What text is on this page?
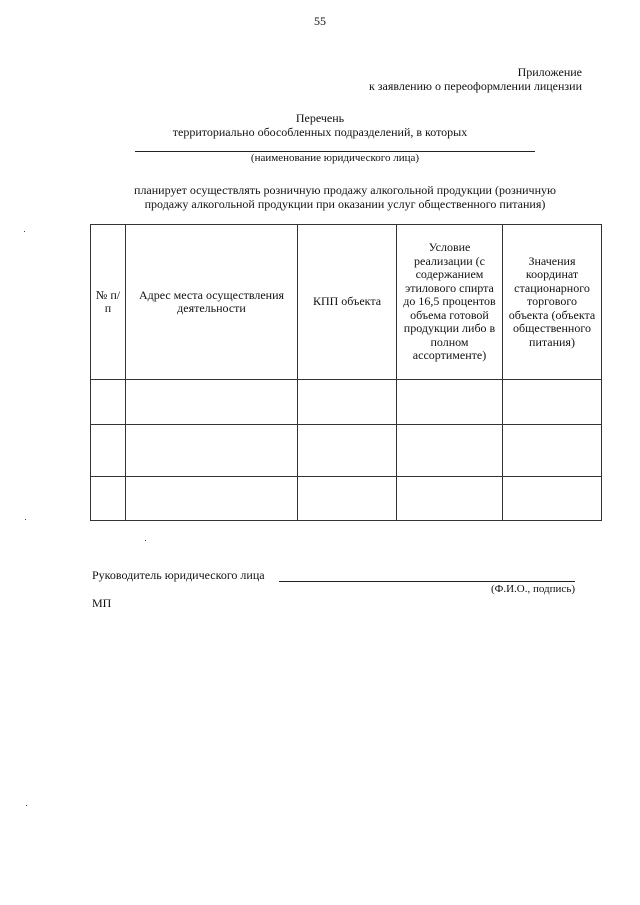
55
Приложение
к заявлению о переоформлении лицензии
Перечень
территориально обособленных подразделений, в которых
(наименование юридического лица)
планирует осуществлять розничную продажу алкогольной продукции (розничную
продажу алкогольной продукции при оказании услуг общественного питания)
№ п/п	Адрес места осуществления деятельности	КПП объекта	Условие реализации (с содержанием этилового спирта до 16,5 процентов объема готовой продукции либо в полном ассортименте)	Значения координат стационарного торгового объекта (объекта общественного питания)

Руководитель юридического лица
(Ф.И.О., подпись)
МП
